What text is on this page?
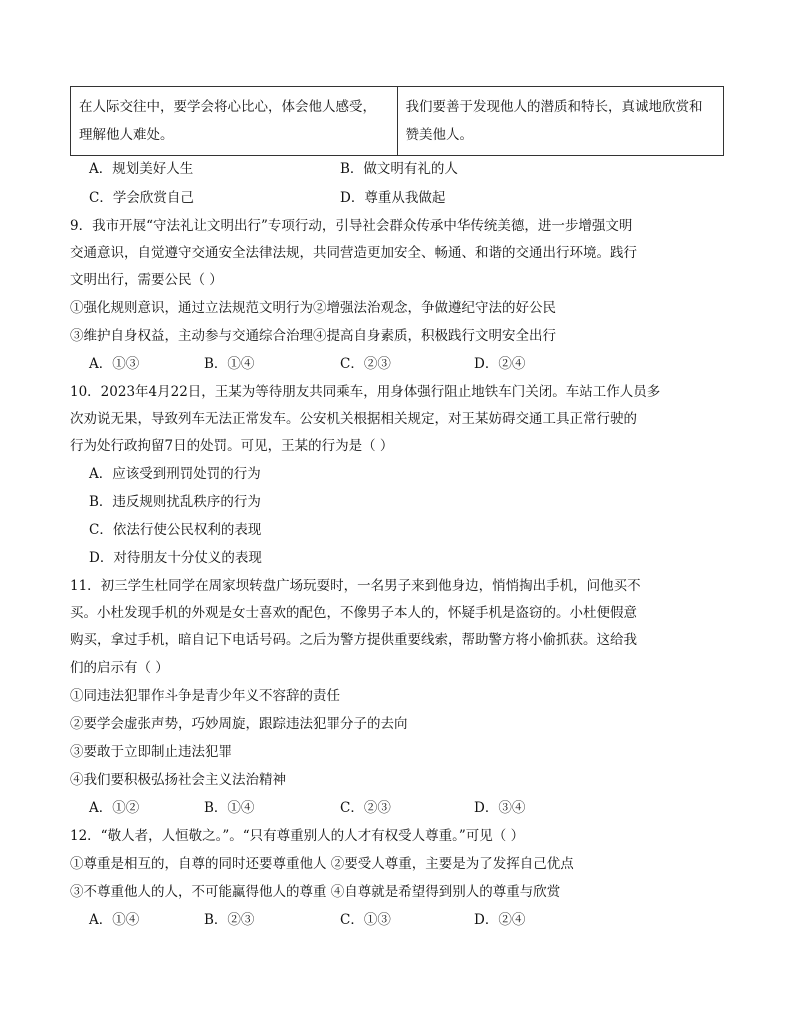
在人际交往中，要学会将心比心，体会他人感受，理解他人难处。	我们要善于发现他人的潜质和特长，真诚地欣赏和赞美他人。
A．规划美好人生	B．做文明有礼的人
C．学会欣赏自己	D．尊重从我做起
9．我市开展“守法礼让文明出行”专项行动，引导社会群众传承中华传统美德，进一步增强文明
交通意识，自觉遵守交通安全法律法规，共同营造更加安全、畅通、和谐的交通出行环境。践行
文明出行，需要公民（ ）
①强化规则意识，通过立法规范文明行为②增强法治观念，争做遵纪守法的好公民
③维护自身权益，主动参与交通综合治理④提高自身素质，积极践行文明安全出行
A．①③	B．①④	C．②③	D．②④
10．2023年4月22日，王某为等待朋友共同乘车，用身体强行阻止地铁车门关闭。车站工作人员多
次劝说无果，导致列车无法正常发车。公安机关根据相关规定，对王某妨碍交通工具正常行驶的
行为处行政拘留7日的处罚。可见，王某的行为是（ ）
A．应该受到刑罚处罚的行为
B．违反规则扰乱秩序的行为
C．依法行使公民权利的表现
D．对待朋友十分仗义的表现
11．初三学生杜同学在周家坝转盘广场玩耍时，一名男子来到他身边，悄悄掏出手机，问他买不
买。小杜发现手机的外观是女士喜欢的配色，不像男子本人的，怀疑手机是盗窃的。小杜便假意
购买，拿过手机，暗自记下电话号码。之后为警方提供重要线索，帮助警方将小偷抓获。这给我
们的启示有（ ）
①同违法犯罪作斗争是青少年义不容辞的责任
②要学会虚张声势，巧妙周旋，跟踪违法犯罪分子的去向
③要敢于立即制止违法犯罪
④我们要积极弘扬社会主义法治精神
A．①②	B．①④	C．②③	D．③④
12．“敬人者，人恒敬之。”。“只有尊重别人的人才有权受人尊重。”可见（ ）
①尊重是相互的，自尊的同时还要尊重他人 ②要受人尊重，主要是为了发挥自己优点
③不尊重他人的人，不可能赢得他人的尊重 ④自尊就是希望得到别人的尊重与欣赏
A．①④	B．②③	C．①③	D．②④
